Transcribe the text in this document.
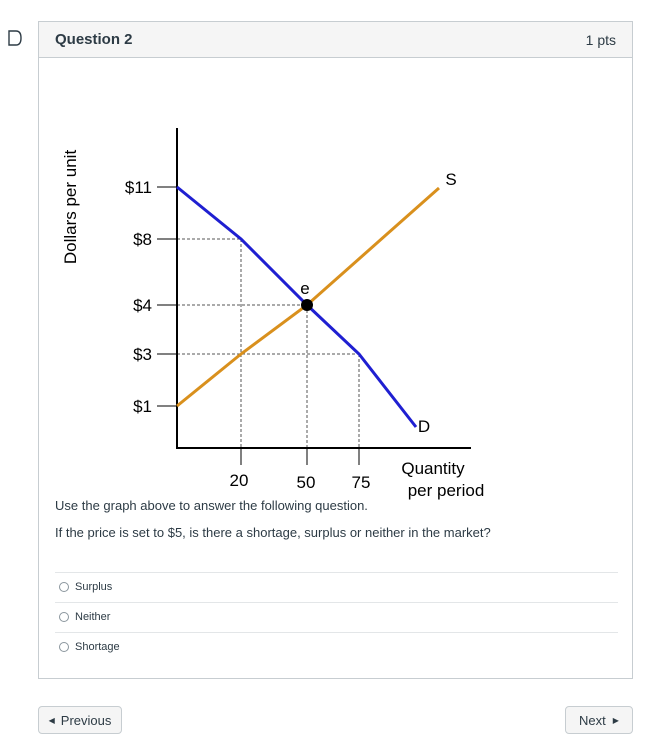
Question 2	1 pts
Dollars per unit	$11
$8
$4
$3
$1
20	50 75
e
S
D
Quantity
per period
Use the graph above to answer the following question.
If the price is set to $5, is there a shortage, surplus or neither in the market?
Surplus
Neither
Shortage
◀ Previous	Next ▶
